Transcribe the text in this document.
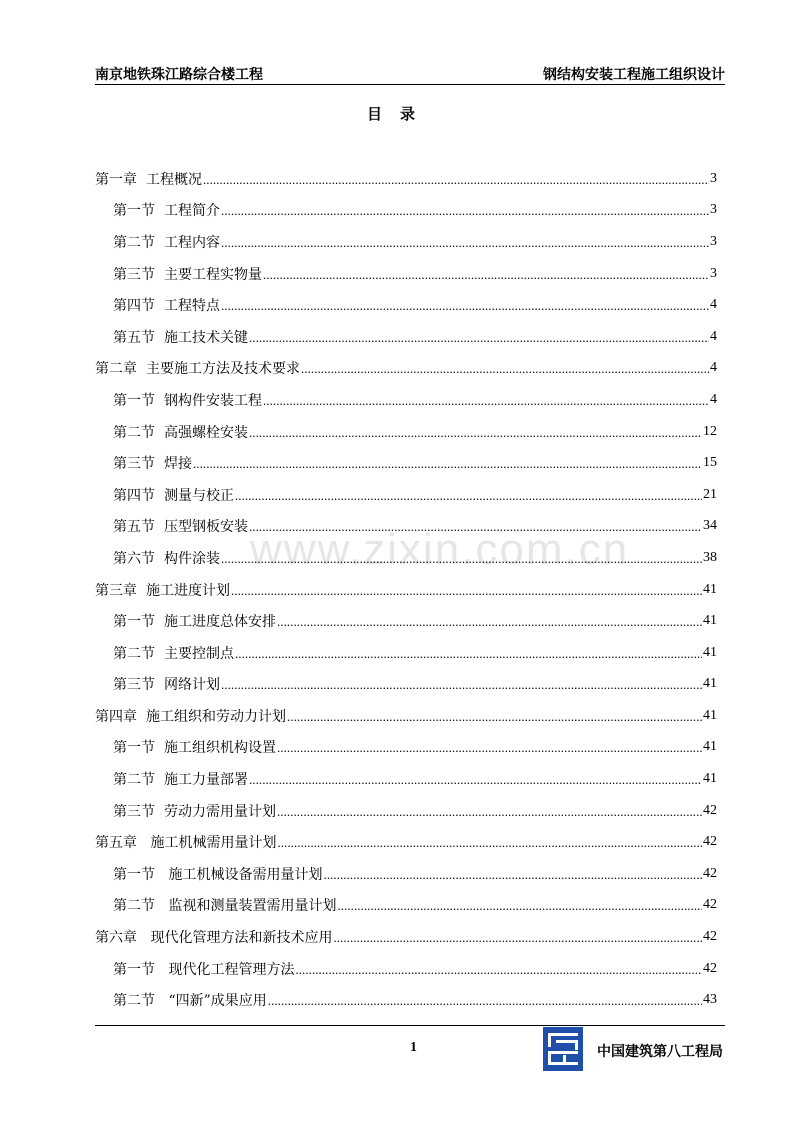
南京地铁珠江路综合楼工程	钢结构安装工程施工组织设计
目录
www.zixin.com.cn
第一章 工程概况 . . .	3
第一节 工程简介 . . .	3
第二节 工程内容 . . .	3
第三节 主要工程实物量 . . .	3
第四节 工程特点 . . .	4
第五节 施工技术关键 . . .	4
第二章 主要施工方法及技术要求 . . .	4
第一节 钢构件安装工程 . . .	4
第二节 高强螺栓安装 . . .	12
第三节 焊接 . . .	15
第四节 测量与校正 . . .	21
第五节 压型钢板安装 . . .	34
第六节 构件涂装 . . .	38
第三章 施工进度计划 . . .	41
第一节 施工进度总体安排 . . .	41
第二节 主要控制点 . . .	41
第三节 网络计划 . . .	41
第四章 施工组织和劳动力计划 . . .	41
第一节 施工组织机构设置 . . .	41
第二节 施工力量部署 . . .	41
第三节 劳动力需用量计划 . . .	42
第五章 施工机械需用量计划 . . .	42
第一节 施工机械设备需用量计划 . . .	42
第二节 监视和测量装置需用量计划 . . .	42
第六章 现代化管理方法和新技术应用 . . .	42
第一节 现代化工程管理方法 . . .	42
第二节 “四新”成果应用 . . .	43
1	中国建筑第八工程局
